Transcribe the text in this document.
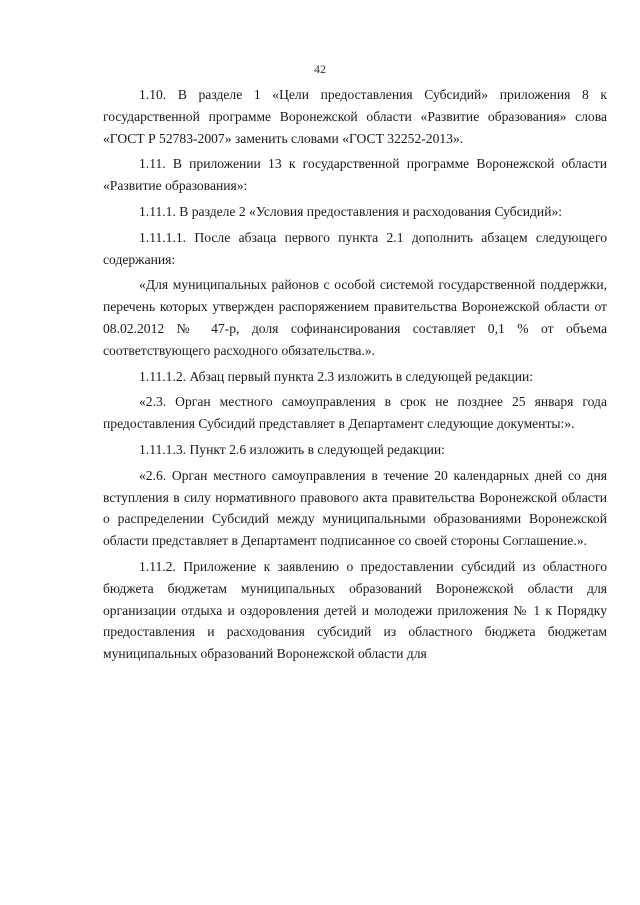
42

1.10. В разделе 1 «Цели предоставления Субсидий» приложения 8 к государственной программе Воронежской области «Развитие образования» слова «ГОСТ Р 52783-2007» заменить словами «ГОСТ 32252-2013».

1.11. В приложении 13 к государственной программе Воронежской области «Развитие образования»:

1.11.1. В разделе 2 «Условия предоставления и расходования Субсидий»:

1.11.1.1. После абзаца первого пункта 2.1 дополнить абзацем следующего содержания:

«Для муниципальных районов с особой системой государственной поддержки, перечень которых утвержден распоряжением правительства Воронежской области от 08.02.2012 № 47-р, доля софинансирования составляет 0,1 % от объема соответствующего расходного обязательства.».

1.11.1.2. Абзац первый пункта 2.3 изложить в следующей редакции:

«2.3. Орган местного самоуправления в срок не позднее 25 января года предоставления Субсидий представляет в Департамент следующие документы:».

1.11.1.3. Пункт 2.6 изложить в следующей редакции:

«2.6. Орган местного самоуправления в течение 20 календарных дней со дня вступления в силу нормативного правового акта правительства Воронежской области о распределении Субсидий между муниципальными образованиями Воронежской области представляет в Департамент подписанное со своей стороны Соглашение.».

1.11.2. Приложение к заявлению о предоставлении субсидий из областного бюджета бюджетам муниципальных образований Воронежской области для организации отдыха и оздоровления детей и молодежи приложения № 1 к Порядку предоставления и расходования субсидий из областного бюджета бюджетам муниципальных образований Воронежской области для
